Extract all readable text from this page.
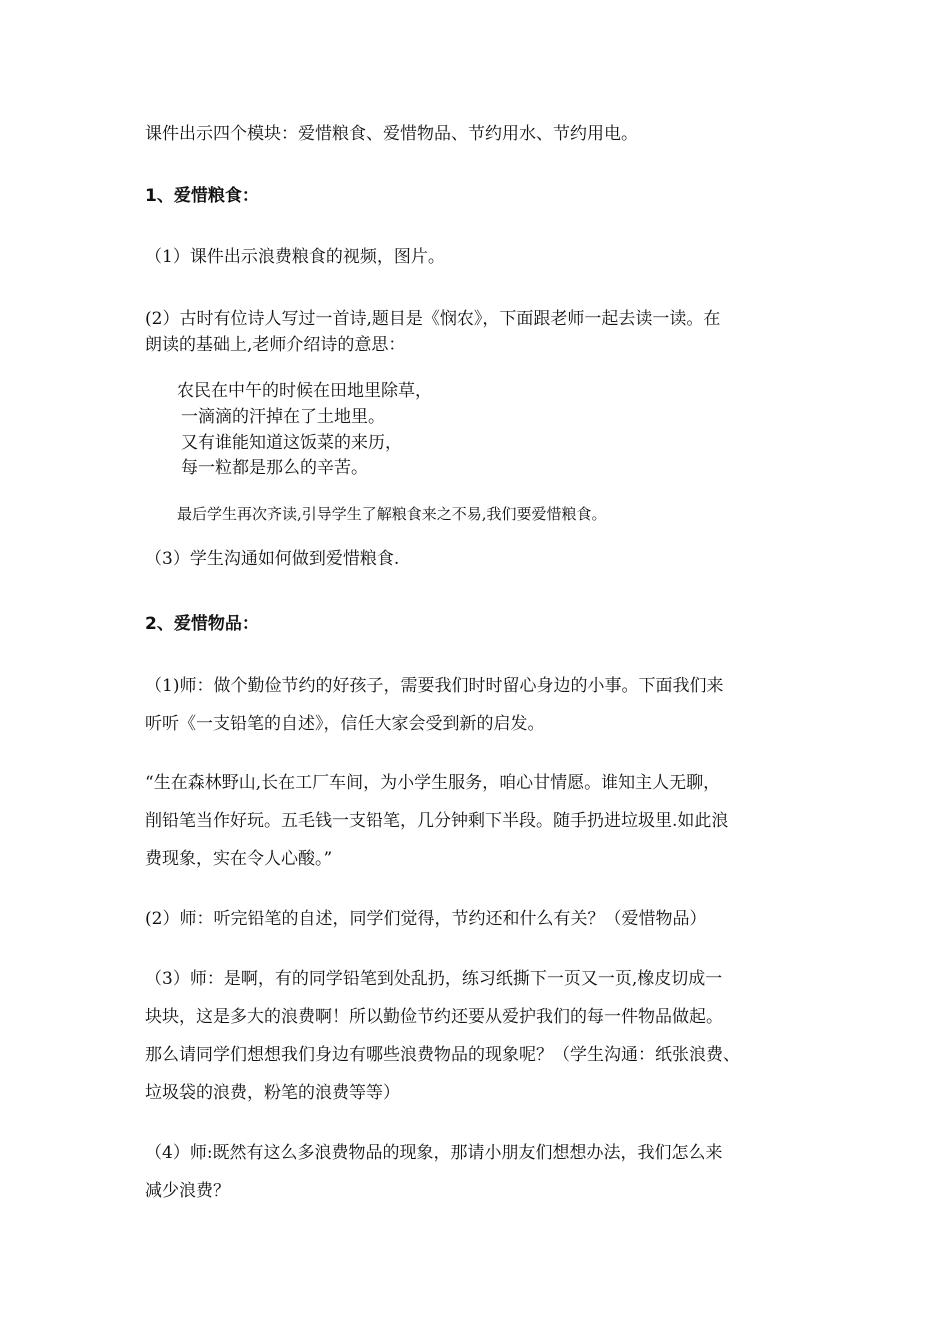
课件出示四个模块：爱惜粮食、爱惜物品、节约用水、节约用电。
1、爱惜粮食：
（1）课件出示浪费粮食的视频，图片。
(2）古时有位诗人写过一首诗,题目是《悯农》，下面跟老师一起去读一读。在
朗读的基础上,老师介绍诗的意思：
农民在中午的时候在田地里除草，
一滴滴的汗掉在了土地里。
又有谁能知道这饭菜的来历，
每一粒都是那么的辛苦。
最后学生再次齐读,引导学生了解粮食来之不易,我们要爱惜粮食。
（3）学生沟通如何做到爱惜粮食.
2、爱惜物品：
（1)师：做个勤俭节约的好孩子，需要我们时时留心身边的小事。下面我们来
听听《一支铅笔的自述》，信任大家会受到新的启发。
“生在森林野山,长在工厂车间，为小学生服务，咱心甘情愿。谁知主人无聊，
削铅笔当作好玩。五毛钱一支铅笔，几分钟剩下半段。随手扔进垃圾里.如此浪
费现象，实在令人心酸。”
(2）师：听完铅笔的自述，同学们觉得，节约还和什么有关？（爱惜物品）
（3）师：是啊，有的同学铅笔到处乱扔，练习纸撕下一页又一页,橡皮切成一
块块，这是多大的浪费啊！所以勤俭节约还要从爱护我们的每一件物品做起。
那么请同学们想想我们身边有哪些浪费物品的现象呢？（学生沟通：纸张浪费、
垃圾袋的浪费，粉笔的浪费等等）
（4）师:既然有这么多浪费物品的现象，那请小朋友们想想办法，我们怎么来
减少浪费？
